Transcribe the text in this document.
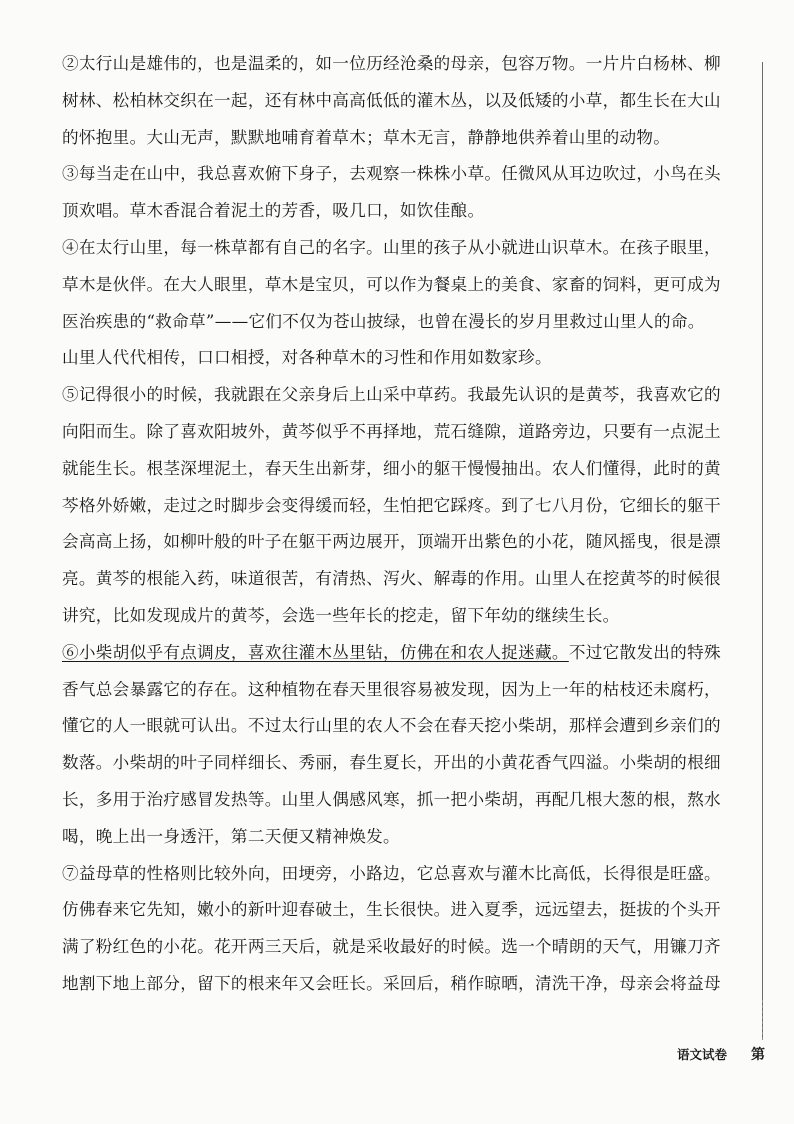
②太行山是雄伟的，也是温柔的，如一位历经沧桑的母亲，包容万物。一片片白杨林、柳
树林、松柏林交织在一起，还有林中高高低低的灌木丛，以及低矮的小草，都生长在大山
的怀抱里。大山无声，默默地哺育着草木；草木无言，静静地供养着山里的动物。
③每当走在山中，我总喜欢俯下身子，去观察一株株小草。任微风从耳边吹过，小鸟在头
顶欢唱。草木香混合着泥土的芳香，吸几口，如饮佳酿。
④在太行山里，每一株草都有自己的名字。山里的孩子从小就进山识草木。在孩子眼里，
草木是伙伴。在大人眼里，草木是宝贝，可以作为餐桌上的美食、家畜的饲料，更可成为
医治疾患的“救命草”——它们不仅为苍山披绿，也曾在漫长的岁月里救过山里人的命。
山里人代代相传，口口相授，对各种草木的习性和作用如数家珍。
⑤记得很小的时候，我就跟在父亲身后上山采中草药。我最先认识的是黄芩，我喜欢它的
向阳而生。除了喜欢阳坡外，黄芩似乎不再择地，荒石缝隙，道路旁边，只要有一点泥土
就能生长。根茎深埋泥土，春天生出新芽，细小的躯干慢慢抽出。农人们懂得，此时的黄
芩格外娇嫩，走过之时脚步会变得缓而轻，生怕把它踩疼。到了七八月份，它细长的躯干
会高高上扬，如柳叶般的叶子在躯干两边展开，顶端开出紫色的小花，随风摇曳，很是漂
亮。黄芩的根能入药，味道很苦，有清热、泻火、解毒的作用。山里人在挖黄芩的时候很
讲究，比如发现成片的黄芩，会选一些年长的挖走，留下年幼的继续生长。
⑥小柴胡似乎有点调皮，喜欢往灌木丛里钻，仿佛在和农人捉迷藏。不过它散发出的特殊
香气总会暴露它的存在。这种植物在春天里很容易被发现，因为上一年的枯枝还未腐朽，
懂它的人一眼就可认出。不过太行山里的农人不会在春天挖小柴胡，那样会遭到乡亲们的
数落。小柴胡的叶子同样细长、秀丽，春生夏长，开出的小黄花香气四溢。小柴胡的根细
长，多用于治疗感冒发热等。山里人偶感风寒，抓一把小柴胡，再配几根大葱的根，熬水
喝，晚上出一身透汗，第二天便又精神焕发。
⑦益母草的性格则比较外向，田埂旁，小路边，它总喜欢与灌木比高低，长得很是旺盛。
仿佛春来它先知，嫩小的新叶迎春破土，生长很快。进入夏季，远远望去，挺拔的个头开
满了粉红色的小花。花开两三天后，就是采收最好的时候。选一个晴朗的天气，用镰刀齐
地割下地上部分，留下的根来年又会旺长。采回后，稍作晾晒，清洗干净，母亲会将益母
语文试卷 第
